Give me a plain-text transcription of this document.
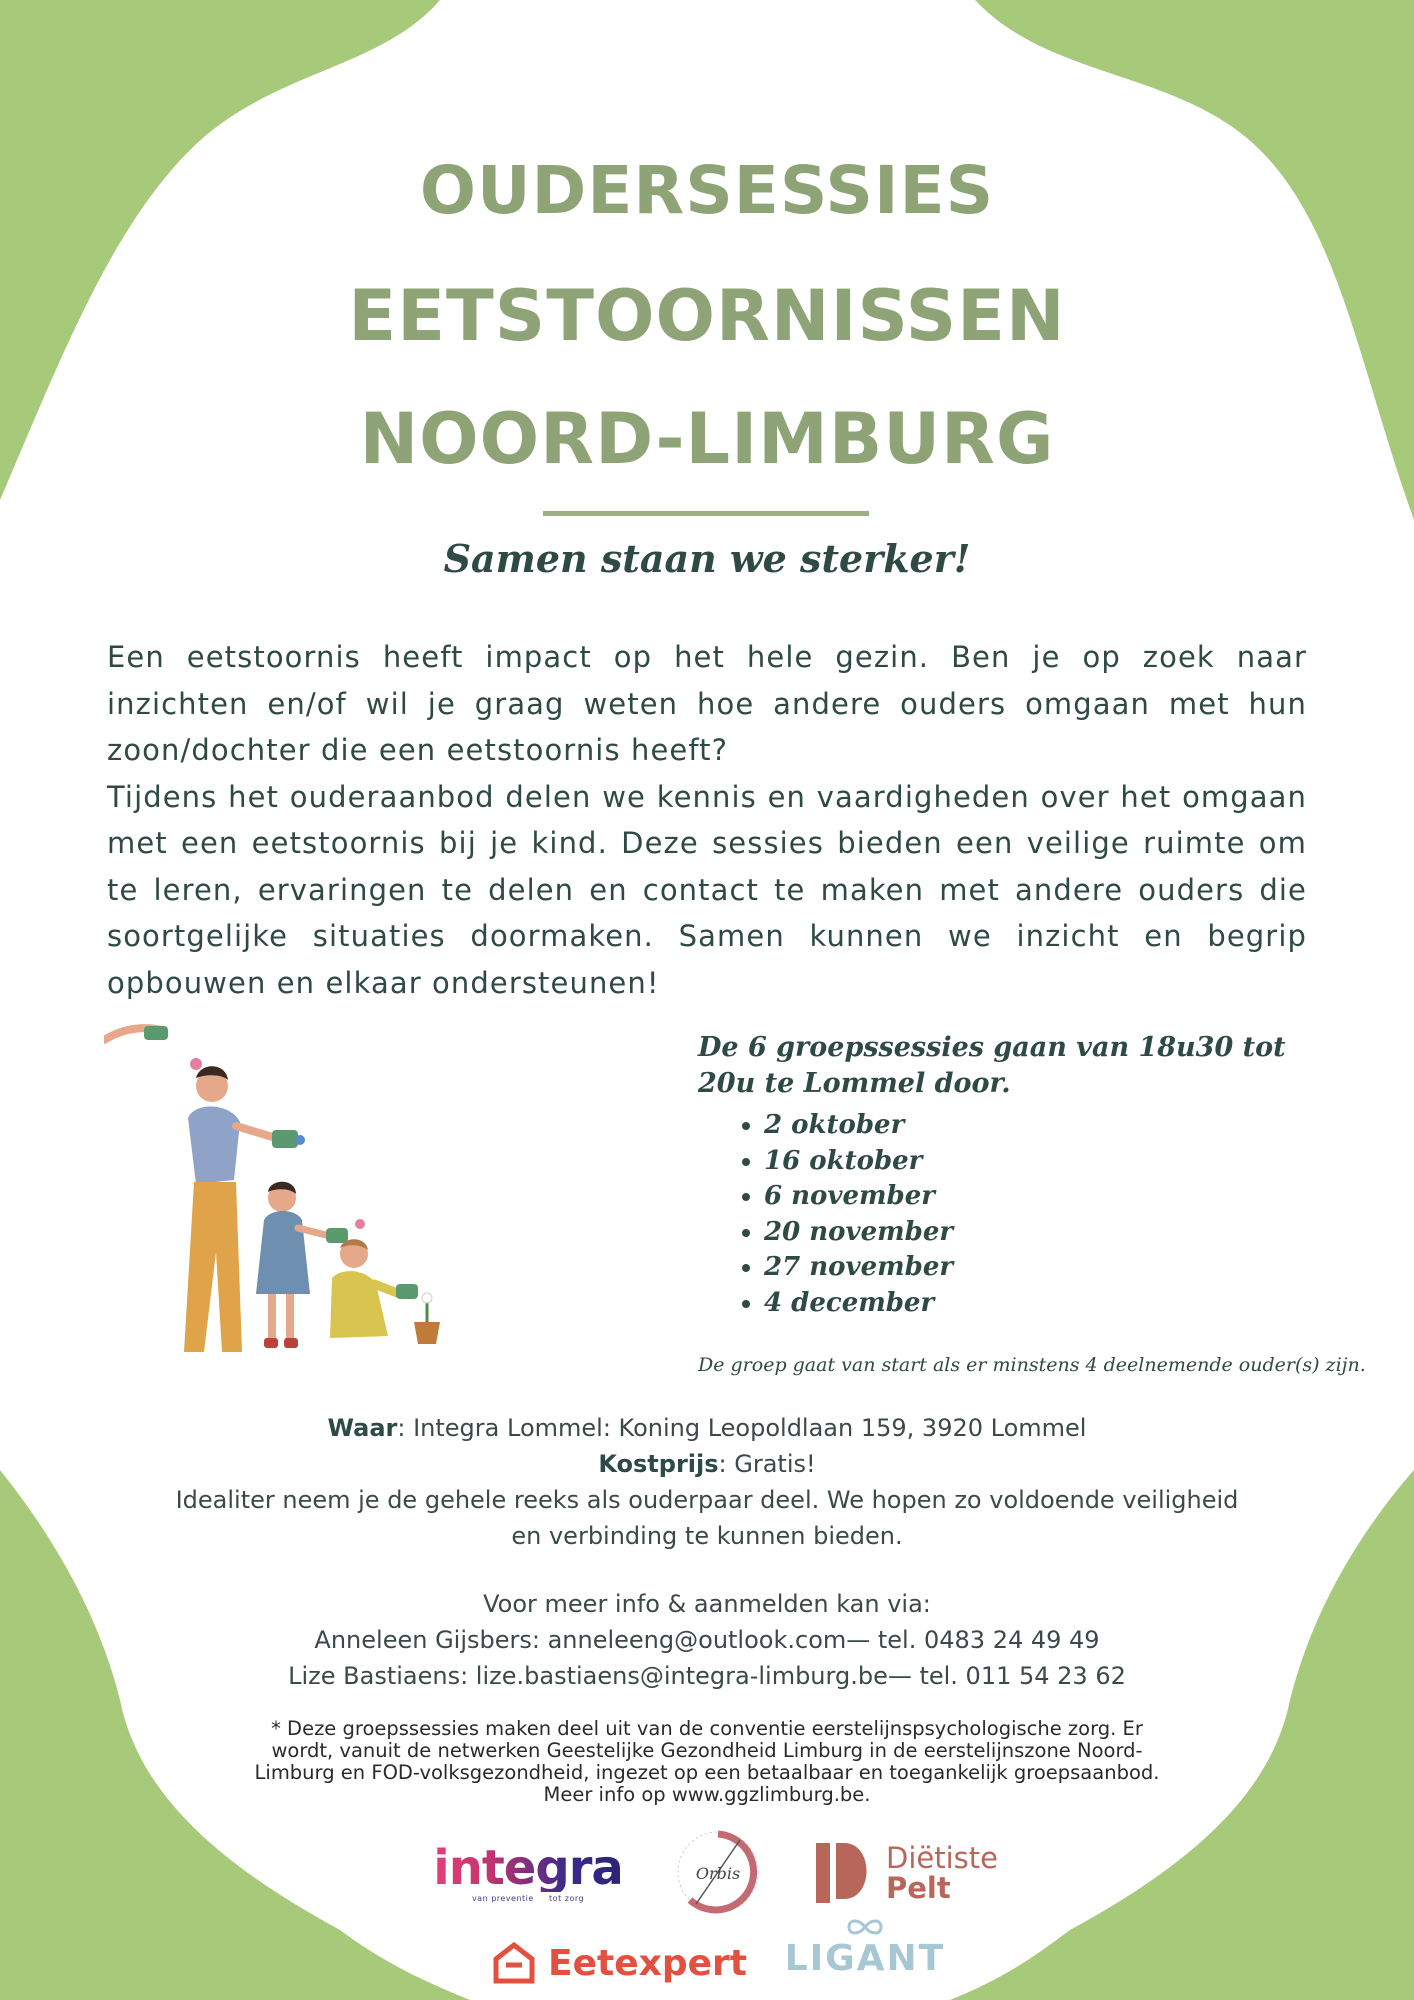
OUDERSESSIES
EETSTOORNISSEN
NOORD-LIMBURG
Samen staan we sterker!

Een eetstoornis heeft impact op het hele gezin. Ben je op zoek naar inzichten en/of wil je graag weten hoe andere ouders omgaan met hun zoon/dochter die een eetstoornis heeft?

Tijdens het ouderaanbod delen we kennis en vaardigheden over het omgaan met een eetstoornis bij je kind. Deze sessies bieden een veilige ruimte om te leren, ervaringen te delen en contact te maken met andere ouders die soortgelijke situaties doormaken. Samen kunnen we inzicht en begrip opbouwen en elkaar ondersteunen!

De 6 groepssessies gaan van 18u30 tot 20u te Lommel door.

• 2 oktober
• 16 oktober
• 6 november
• 20 november
• 27 november
• 4 december
De groep gaat van start als er minstens 4 deelnemende ouder(s) zijn.

Waar: Integra Lommel: Koning Leopoldlaan 159, 3920 Lommel

Kostprijs: Gratis!

Idealiter neem je de gehele reeks als ouderpaar deel. We hopen zo voldoende veiligheid

en verbinding te kunnen bieden.

Voor meer info & aanmelden kan via:
Anneleen Gijsbers: anneleeng@outlook.com— tel. 0483 24 49 49
Lize Bastiaens: lize.bastiaens@integra-limburg.be— tel. 011 54 23 62
* Deze groepssessies maken deel uit van de conventie eerstelijnspsychologische zorg. Er wordt, vanuit de netwerken Geestelijke Gezondheid Limburg in de eerstelijnszone Noord-Limburg en FOD-volksgezondheid, ingezet op een betaalbaar en toegankelijk groepsaanbod. Meer info op www.ggzlimburg.be.
integra
van preventie tot zorg
Orbis	Diëtiste
Pelt
Eetexpert LIGANT
